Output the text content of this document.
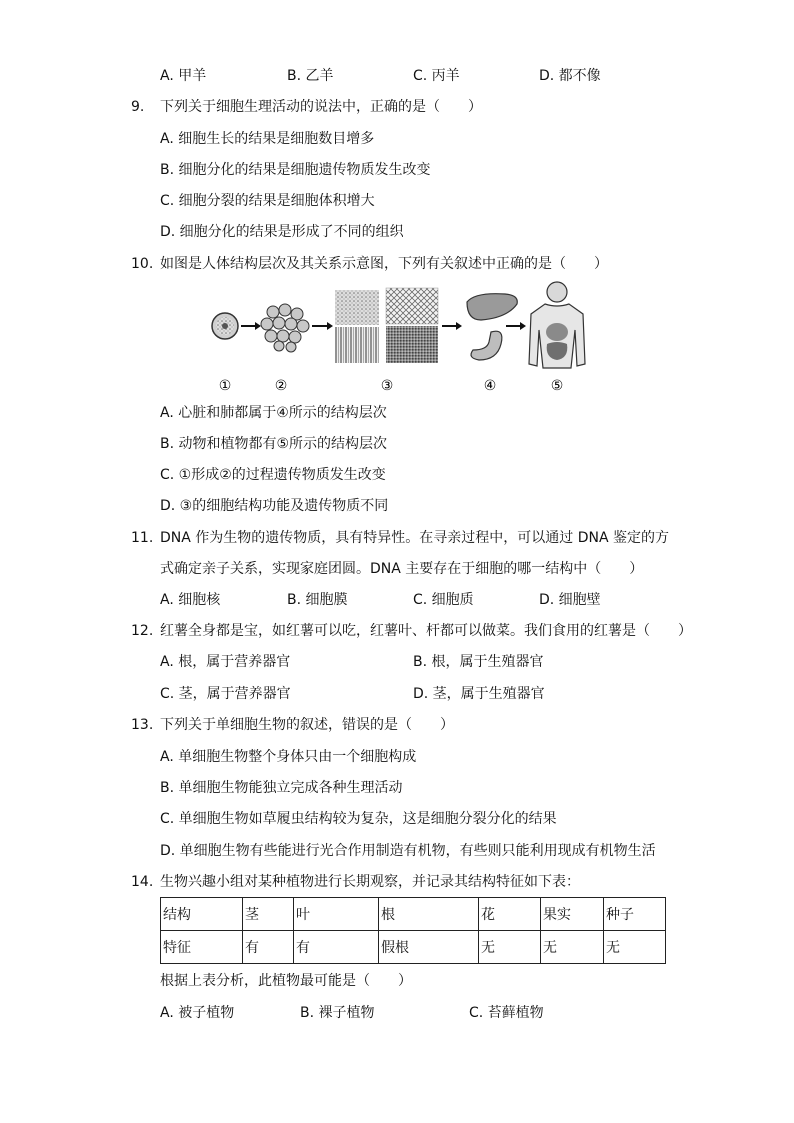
A. 甲羊	B. 乙羊	C. 丙羊	D. 都不像
9. 下列关于细胞生理活动的说法中，正确的是（　　）
A. 细胞生长的结果是细胞数目增多
B. 细胞分化的结果是细胞遗传物质发生改变
C. 细胞分裂的结果是细胞体积增大
D. 细胞分化的结果是形成了不同的组织
10. 如图是人体结构层次及其关系示意图，下列有关叙述中正确的是（　　）
①	②	③	④	⑤
A. 心脏和肺都属于④所示的结构层次
B. 动物和植物都有⑤所示的结构层次
C. ①形成②的过程遗传物质发生改变
D. ③的细胞结构功能及遗传物质不同
11. DNA 作为生物的遗传物质，具有特异性。在寻亲过程中，可以通过 DNA 鉴定的方
式确定亲子关系，实现家庭团圆。DNA 主要存在于细胞的哪一结构中（　　）
A. 细胞核	B. 细胞膜	C. 细胞质	D. 细胞壁
12. 红薯全身都是宝，如红薯可以吃，红薯叶、杆都可以做菜。我们食用的红薯是（　　）
A. 根，属于营养器官	B. 根，属于生殖器官
C. 茎，属于营养器官	D. 茎，属于生殖器官
13. 下列关于单细胞生物的叙述，错误的是（　　）
A. 单细胞生物整个身体只由一个细胞构成
B. 单细胞生物能独立完成各种生理活动
C. 单细胞生物如草履虫结构较为复杂，这是细胞分裂分化的结果
D. 单细胞生物有些能进行光合作用制造有机物，有些则只能利用现成有机物生活
14. 生物兴趣小组对某种植物进行长期观察，并记录其结构特征如下表：
结构	茎	叶	根	花	果实	种子
特征	有	有	假根	无	无	无
根据上表分析，此植物最可能是（　　）
A. 被子植物	B. 裸子植物	C. 苔藓植物
